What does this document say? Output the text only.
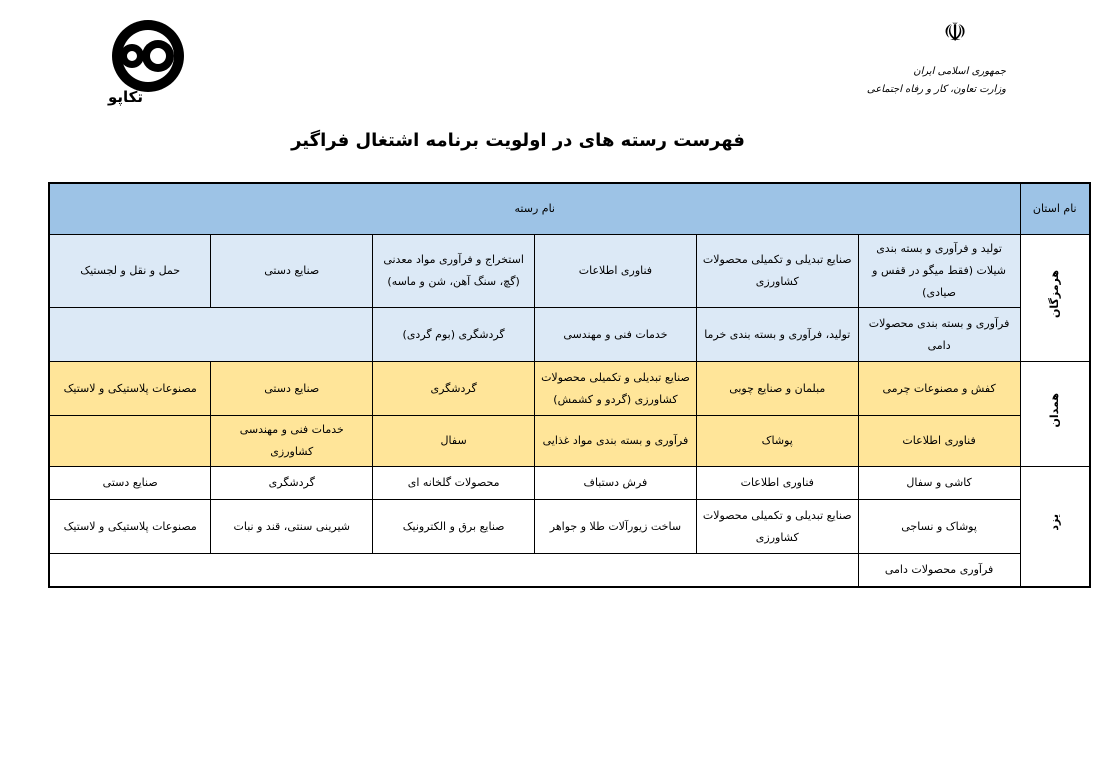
☫
جمهوری اسلامی ایران
وزارت تعاون، کار و رفاه اجتماعی
تکاپو
فهرست رسته های در اولویت برنامه اشتغال فراگیر
نام استان	نام رسته					
هرمزگان	تولید و فرآوری و بسته بندی شیلات (فقط میگو در قفس و صیادی)	صنایع تبدیلی و تکمیلی محصولات کشاورزی	فناوری اطلاعات	استخراج و فرآوری مواد معدنی (گچ، سنگ آهن، شن و ماسه)	صنایع دستی	حمل و نقل و لجستیک
	فرآوری و بسته بندی محصولات دامی	تولید، فرآوری و بسته بندی خرما	خدمات فنی و مهندسی	گردشگری (بوم گردی)		
همدان	کفش و مصنوعات چرمی	مبلمان و صنایع چوبی	صنایع تبدیلی و تکمیلی محصولات کشاورزی (گردو و کشمش)	گردشگری	صنایع دستی	مصنوعات پلاستیکی و لاستیک
	فناوری اطلاعات	پوشاک	فرآوری و بسته بندی مواد غذایی	سفال	خدمات فنی و مهندسی کشاورزی	
یزد	کاشی و سفال	فناوری اطلاعات	فرش دستباف	محصولات گلخانه ای	گردشگری	صنایع دستی
	پوشاک و نساجی	صنایع تبدیلی و تکمیلی محصولات کشاورزی	ساخت زیورآلات طلا و جواهر	صنایع برق و الکترونیک	شیرینی سنتی، قند و نبات	مصنوعات پلاستیکی و لاستیک
	فرآوری محصولات دامی					
